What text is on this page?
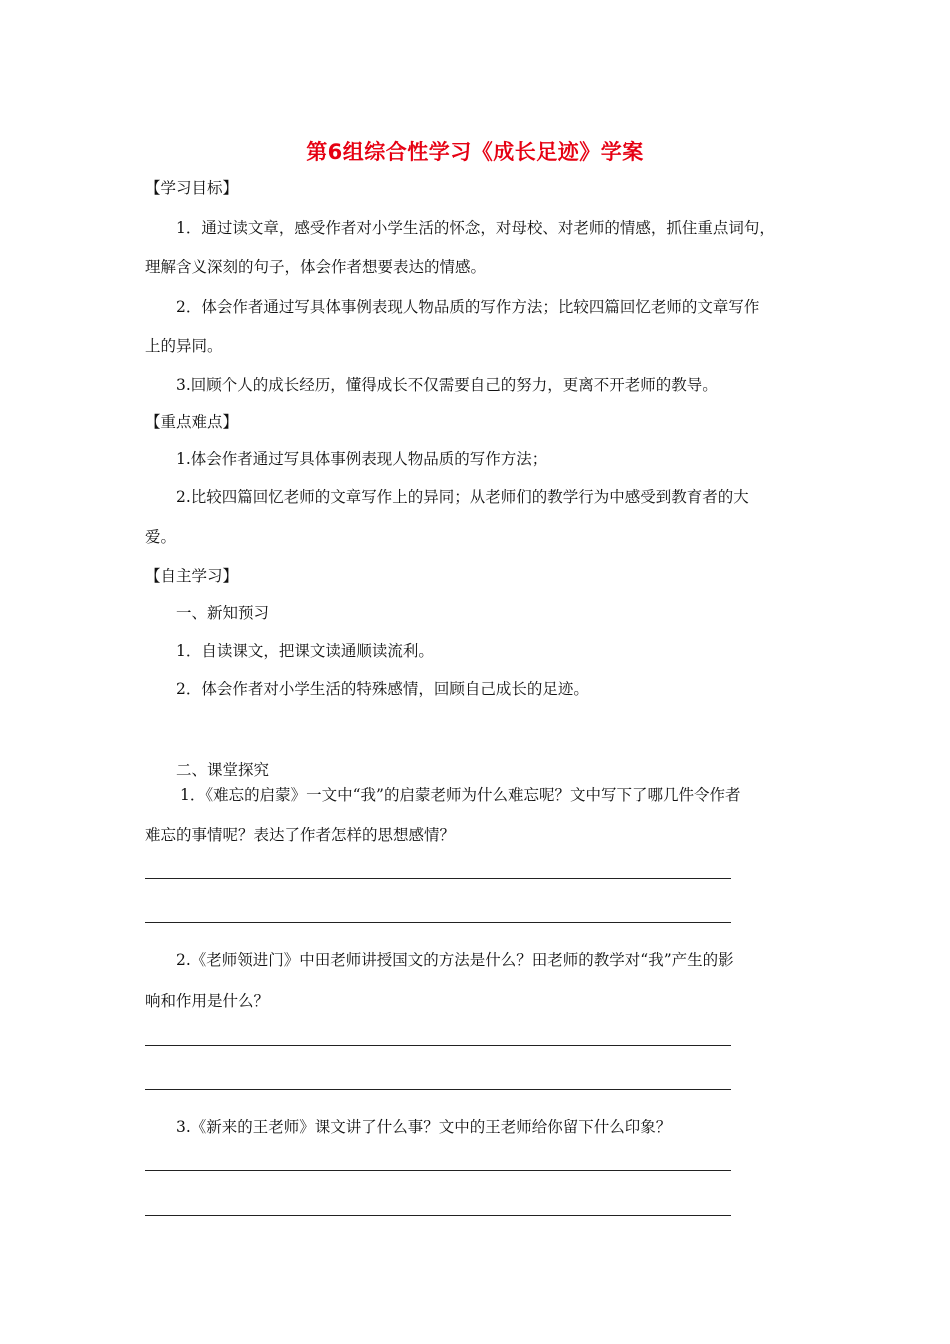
第6组综合性学习《成长足迹》学案
【学习目标】
1．通过读文章，感受作者对小学生活的怀念，对母校、对老师的情感，抓住重点词句，
理解含义深刻的句子，体会作者想要表达的情感。
2．体会作者通过写具体事例表现人物品质的写作方法；比较四篇回忆老师的文章写作
上的异同。
3.回顾个人的成长经历，懂得成长不仅需要自己的努力，更离不开老师的教导。
【重点难点】
1.体会作者通过写具体事例表现人物品质的写作方法；
2.比较四篇回忆老师的文章写作上的异同；从老师们的教学行为中感受到教育者的大
爱。
【自主学习】
一、新知预习
1．自读课文，把课文读通顺读流利。
2．体会作者对小学生活的特殊感情，回顾自己成长的足迹。
二、课堂探究
1．《难忘的启蒙》一文中“我”的启蒙老师为什么难忘呢？文中写下了哪几件令作者
难忘的事情呢？表达了作者怎样的思想感情？
2.《老师领进门》中田老师讲授国文的方法是什么？田老师的教学对“我”产生的影
响和作用是什么？
3.《新来的王老师》课文讲了什么事？文中的王老师给你留下什么印象？
